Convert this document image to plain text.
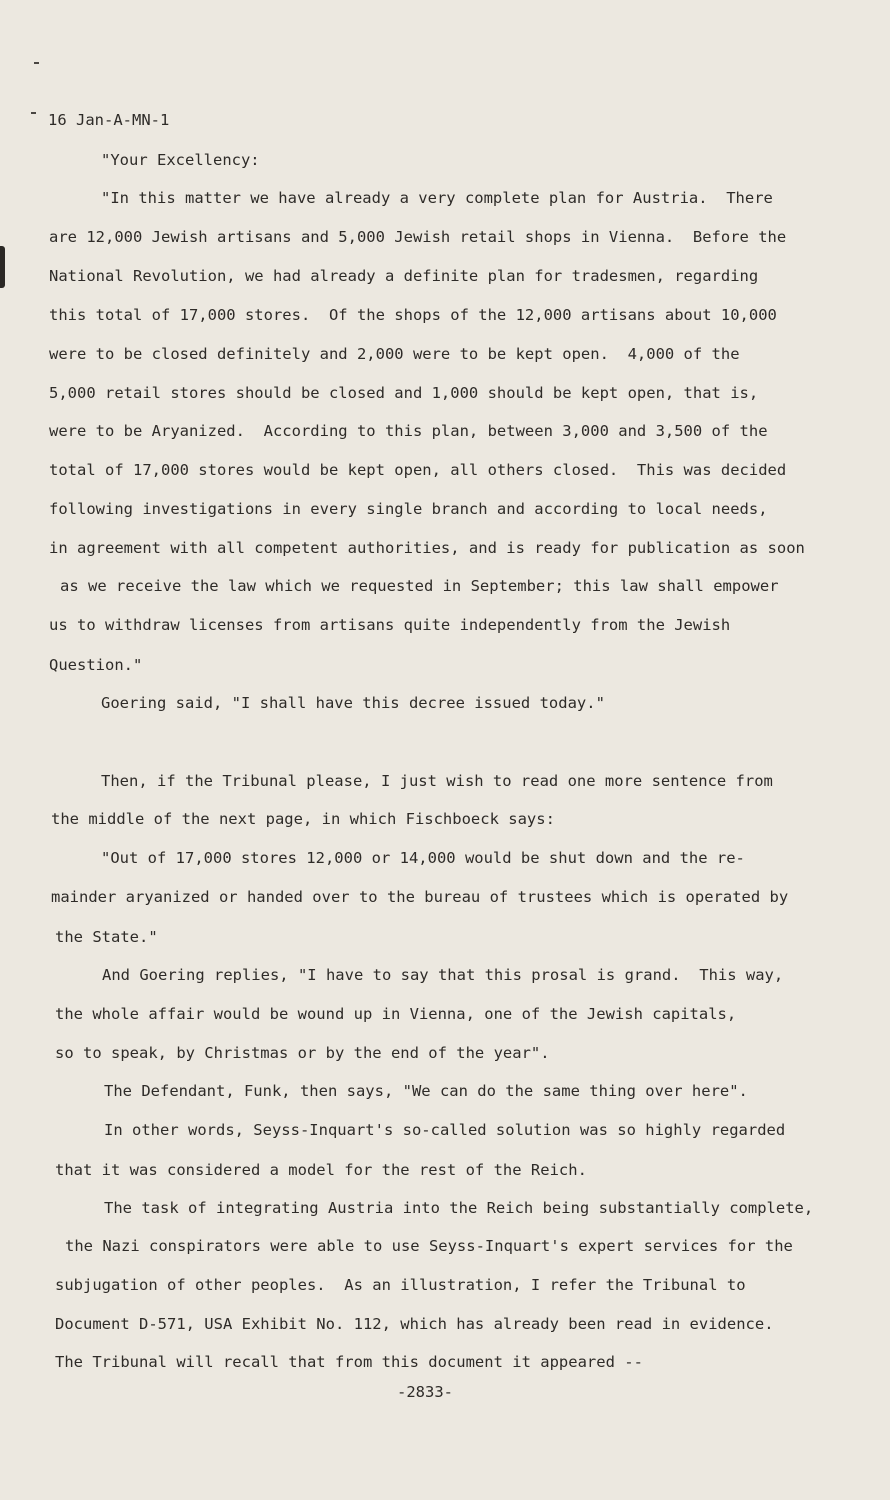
16 Jan-A-MN-1
"Your Excellency:
"In this matter we have already a very complete plan for Austria.  There
are 12,000 Jewish artisans and 5,000 Jewish retail shops in Vienna.  Before the
National Revolution, we had already a definite plan for tradesmen, regarding
this total of 17,000 stores.  Of the shops of the 12,000 artisans about 10,000
were to be closed definitely and 2,000 were to be kept open.  4,000 of the
5,000 retail stores should be closed and 1,000 should be kept open, that is,
were to be Aryanized.  According to this plan, between 3,000 and 3,500 of the
total of 17,000 stores would be kept open, all others closed.  This was decided
following investigations in every single branch and according to local needs,
in agreement with all competent authorities, and is ready for publication as soon
as we receive the law which we requested in September; this law shall empower
us to withdraw licenses from artisans quite independently from the Jewish
Question."
Goering said, "I shall have this decree issued today."
Then, if the Tribunal please, I just wish to read one more sentence from
the middle of the next page, in which Fischboeck says:
"Out of 17,000 stores 12,000 or 14,000 would be shut down and the re-
mainder aryanized or handed over to the bureau of trustees which is operated by
the State."
And Goering replies, "I have to say that this prosal is grand.  This way,
the whole affair would be wound up in Vienna, one of the Jewish capitals,
so to speak, by Christmas or by the end of the year".
The Defendant, Funk, then says, "We can do the same thing over here".
In other words, Seyss-Inquart's so-called solution was so highly regarded
that it was considered a model for the rest of the Reich.
The task of integrating Austria into the Reich being substantially complete,
the Nazi conspirators were able to use Seyss-Inquart's expert services for the
subjugation of other peoples.  As an illustration, I refer the Tribunal to
Document D-571, USA Exhibit No. 112, which has already been read in evidence.
The Tribunal will recall that from this document it appeared --
-2833-
